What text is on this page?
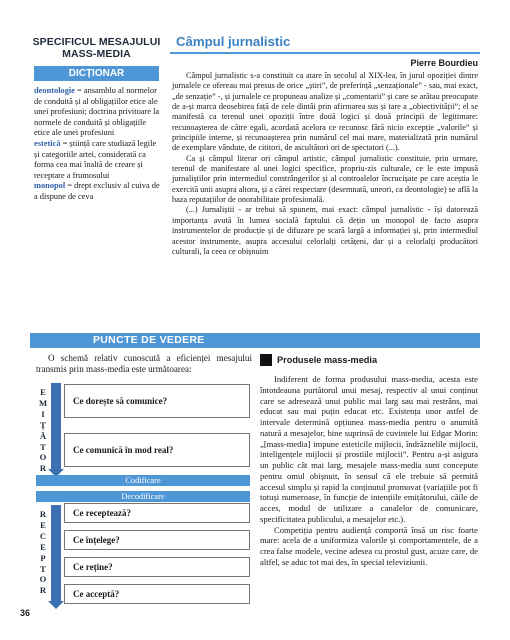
SPECIFICUL MESAJULUI MASS-MEDIA
DICȚIONAR
deontologie = ansamblu al normelor de conduită și al obligațiilor etice ale unei profesiuni; doctrina privitoare la normele de conduită și obligațiile etice ale unei profesiuni
estetică = știință care studiază legile și categoriile artei, considerată ca forma cea mai înaltă de creare și receptare a frumosului
monopol = drept exclusiv al cuiva de a dispune de ceva
Câmpul jurnalistic
Pierre Bourdieu

Câmpul jurnalistic s-a constituit ca atare în secolul al XIX-lea, în jurul opoziției dintre jurnalele ce ofereau mai presus de orice „știri”, de preferință „senzaționale” - sau, mai exact, „de senzație” -, și jurnalele ce propuneau analize și „comentarii” și care se arătau preocupate de a-și marca deosebirea față de cele dintâi prin afirmarea sus și tare a „obiectivității”; el se manifestă ca terenul unei opoziții între două logici și două principii de legitimare: recunoașterea de către egali, acordată acelora ce recunosc fără nicio excepție „valorile” și principiile interne, și recunoașterea prin numărul cel mai mare, materializată prin numărul de exemplare vândute, de cititori, de ascultători ori de spectatori (...).

Ca și câmpul literar ori câmpul artistic, câmpul jurnalistic constituie, prin urmare, terenul de manifestare al unei logici specifice, propriu-zis culturale, ce le este impusă jurnaliștilor prin intermediul constrângerilor și al controalelor încrucișate pe care aceștia le exercită unii asupra altora, și a cărei respectare (desemnată, uneori, ca deontologie) se află la baza reputațiilor de onorabilitate profesională.

(...) Jurnaliștii - ar trebui să spunem, mai exact: câmpul jurnalistic - își datorează importanța avută în lumea socială faptului că dețin un monopol de facto asupra instrumentelor de producție și de difuzare pe scară largă a informației și, prin intermediul acestor instrumente, asupra accesului celorlalți cetățeni, dar și a celorlalți producători culturali, la ceea ce obișnuim

PUNCTE DE VEDERE
O schemă relativ cunoscută a eficienței mesajului transmis prin mass-media este următoarea:
E
M
I
Ț
Ă
T
O
R
Ce dorește să comunice?
Ce comunică în mod real?
Codificare
Decodificare
R
E
C
E
P
T
O
R
Ce receptează?
Ce înțelege?
Ce reține?
Ce acceptă?
36
Produsele mass-media

Indiferent de forma produsului mass-media, acesta este întotdeauna purtătorul unui mesaj, respectiv al unui conținut care se adresează unui public mai larg sau mai restrâns, mai educat sau mai puțin educat etc. Existența unor astfel de intervale determină opțiunea mass-media pentru o anumită natură a mesajelor, bine suprinsă de cuvintele lui Edgar Morin: „[mass-media] impune esteticile mijlocii, îndrăznelile mijlocii, inteligențele mijlocii și prostiile mijlocii”. Pentru a-și asigura un public cât mai larg, mesajele mass-media sunt concepute pentru omul obișnuit, în sensul că ele trebuie să permită accesul simplu și rapid la conținutul promovat (variațiile pot fi totuși numeroase, în funcție de intențiile emițătorului, căile de acces, modul de utilizare a canalelor de comunicare, specificitatea publicului, a mesajelor etc.).

Competiția pentru audiență comportă însă un risc foarte mare: acela de a uniformiza valorile și comportamentele, de a crea false modele, vecine adesea cu prostul gust, acuze care, de altfel, se aduc tot mai des, în special televiziunii.
